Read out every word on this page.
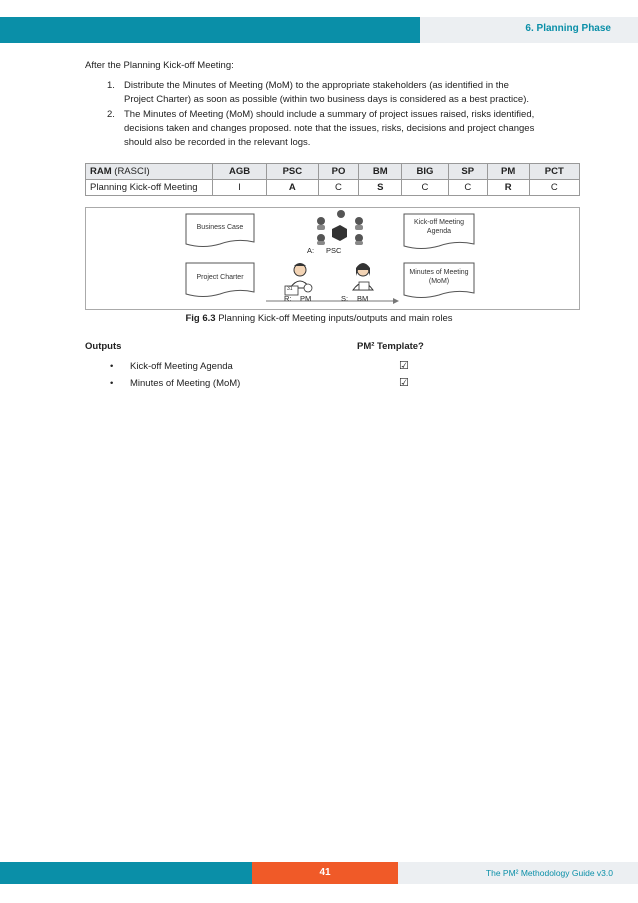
6. Planning Phase
After the Planning Kick-off Meeting:
1. Distribute the Minutes of Meeting (MoM) to the appropriate stakeholders (as identified in the
Project Charter) as soon as possible (within two business days is considered as a best practice).
2. The Minutes of Meeting (MoM) should include a summary of project issues raised, risks identified,
decisions taken and changes proposed. note that the issues, risks, decisions and project changes
should also be recorded in the relevant logs.
RAM (RASCI)	AGB	PSC	PO	BM	BIG	SP	PM	PCT
Planning Kick-off Meeting	I	A	C	S	C	C	R	C
Business Case
Project Charter
Kick-off Meeting Agenda
Minutes of Meeting (MoM)
A: PSC
R: PM	S: BM
31
Fig 6.3 Planning Kick-off Meeting inputs/outputs and main roles
Outputs	PM² Template?
• Kick-off Meeting Agenda	☑
• Minutes of Meeting (MoM)	☑
41	The PM² Methodology Guide v3.0
